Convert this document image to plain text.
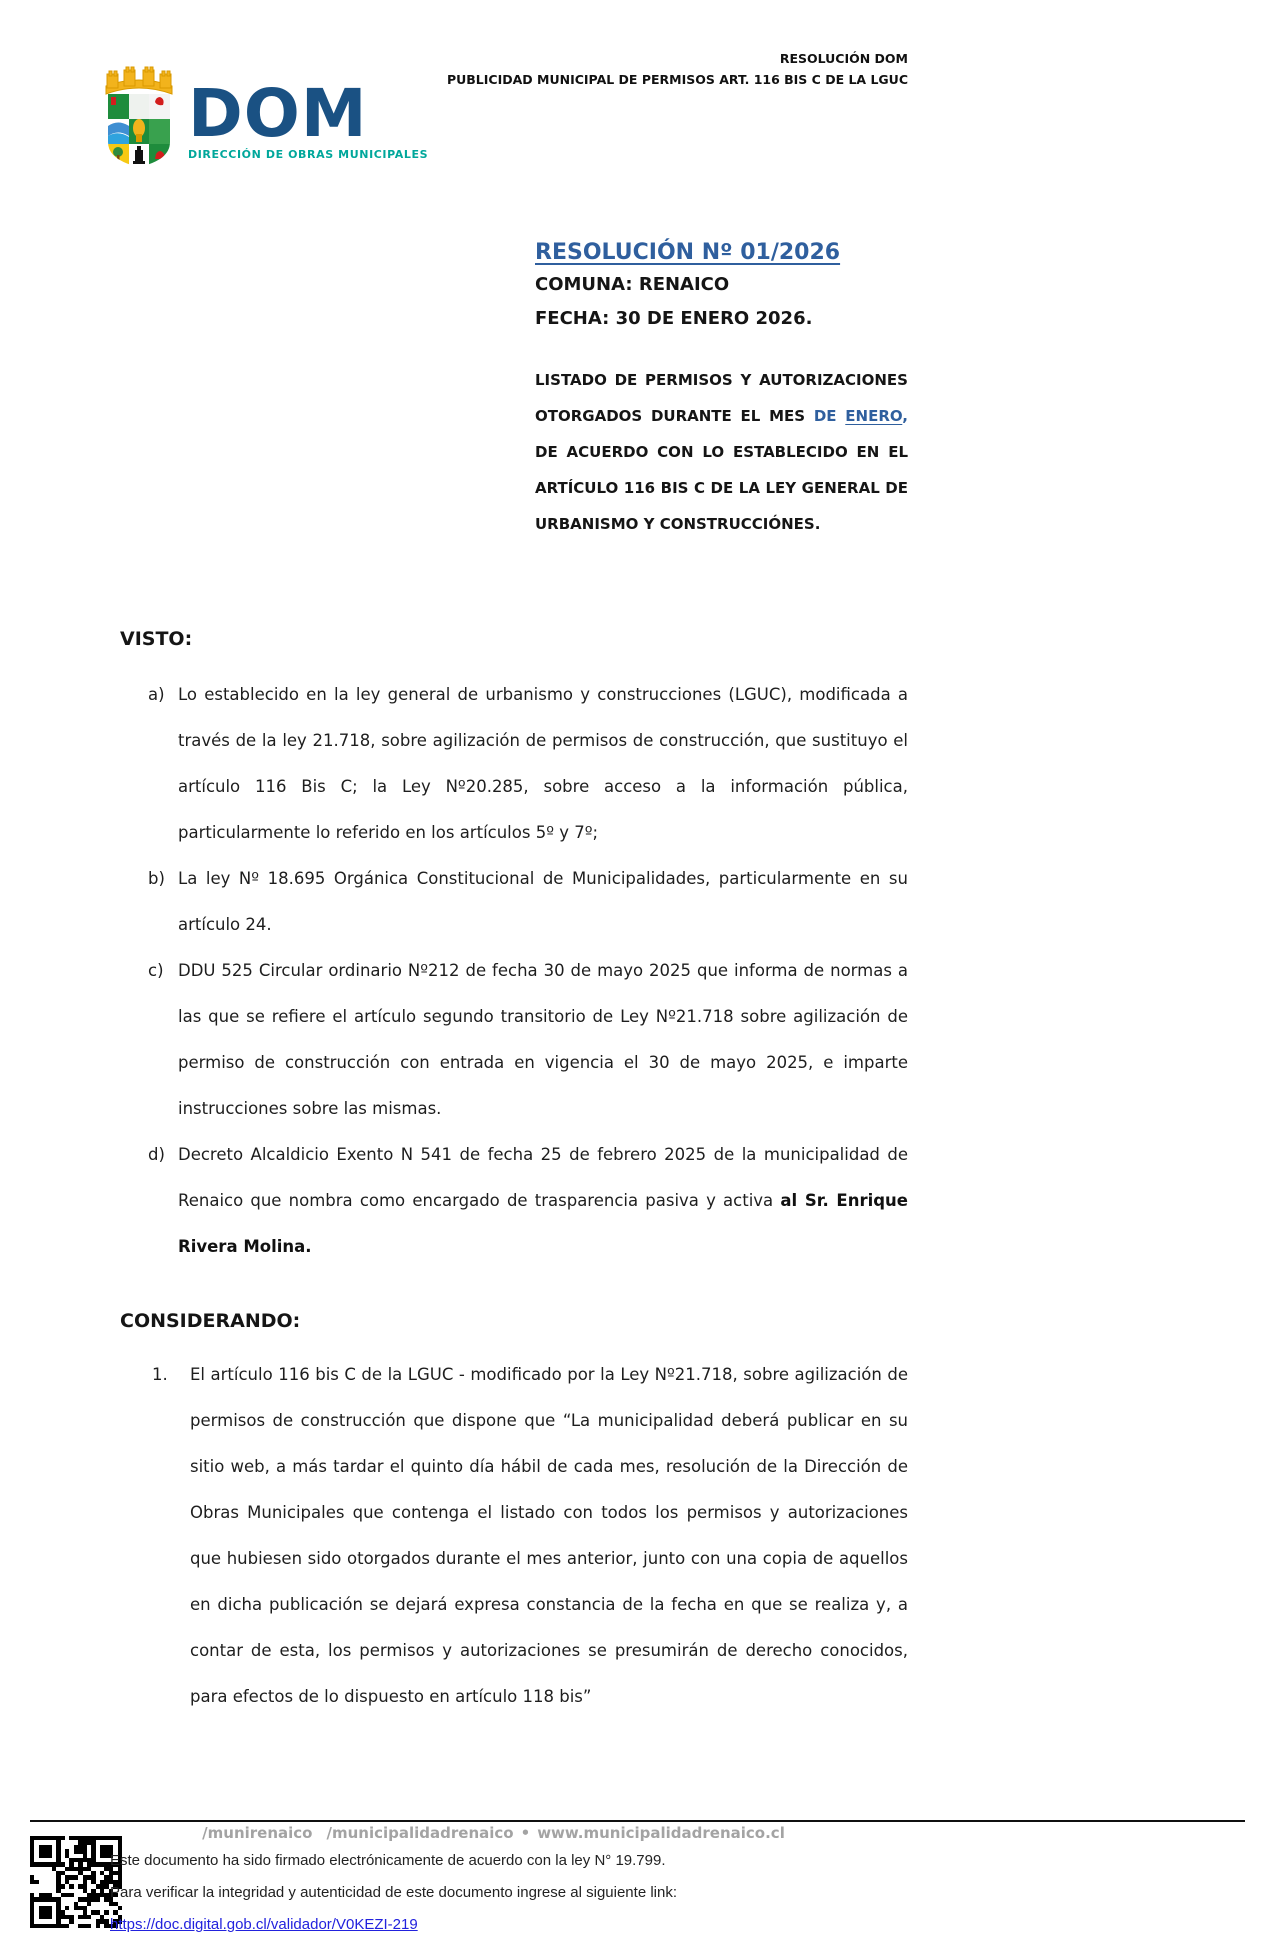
RESOLUCIÓN DOM
PUBLICIDAD MUNICIPAL DE PERMISOS ART. 116 BIS C DE LA LGUC
DOM
DIRECCIÓN DE OBRAS MUNICIPALES
RESOLUCIÓN Nº 01/2026
COMUNA: RENAICO
FECHA: 30 DE ENERO 2026.
LISTADO DE PERMISOS Y AUTORIZACIONES OTORGADOS DURANTE EL MES DE ENERO, DE ACUERDO CON LO ESTABLECIDO EN EL ARTÍCULO 116 BIS C DE LA LEY GENERAL DE URBANISMO Y CONSTRUCCIÓNES.
VISTO:
a) Lo establecido en la ley general de urbanismo y construcciones (LGUC), modificada a través de la ley 21.718, sobre agilización de permisos de construcción, que sustituyo el artículo 116 Bis C; la Ley Nº20.285, sobre acceso a la información pública, particularmente lo referido en los artículos 5º y 7º;
b) La ley Nº 18.695 Orgánica Constitucional de Municipalidades, particularmente en su artículo 24.
c) DDU 525 Circular ordinario Nº212 de fecha 30 de mayo 2025 que informa de normas a las que se refiere el artículo segundo transitorio de Ley Nº21.718 sobre agilización de permiso de construcción con entrada en vigencia el 30 de mayo 2025, e imparte instrucciones sobre las mismas.
d) Decreto Alcaldicio Exento N 541 de fecha 25 de febrero 2025 de la municipalidad de Renaico que nombra como encargado de trasparencia pasiva y activa al Sr. Enrique Rivera Molina.
CONSIDERANDO:
1. El artículo 116 bis C de la LGUC - modificado por la Ley Nº21.718, sobre agilización de permisos de construcción que dispone que “La municipalidad deberá publicar en su sitio web, a más tardar el quinto día hábil de cada mes, resolución de la Dirección de Obras Municipales que contenga el listado con todos los permisos y autorizaciones que hubiesen sido otorgados durante el mes anterior, junto con una copia de aquellos en dicha publicación se dejará expresa constancia de la fecha en que se realiza y, a contar de esta, los permisos y autorizaciones se presumirán de derecho conocidos, para efectos de lo dispuesto en artículo 118 bis”
/munirenaico /municipalidadrenaico • www.municipalidadrenaico.cl
Este documento ha sido firmado electrónicamente de acuerdo con la ley N° 19.799.
Para verificar la integridad y autenticidad de este documento ingrese al siguiente link:
https://doc.digital.gob.cl/validador/V0KEZI-219
